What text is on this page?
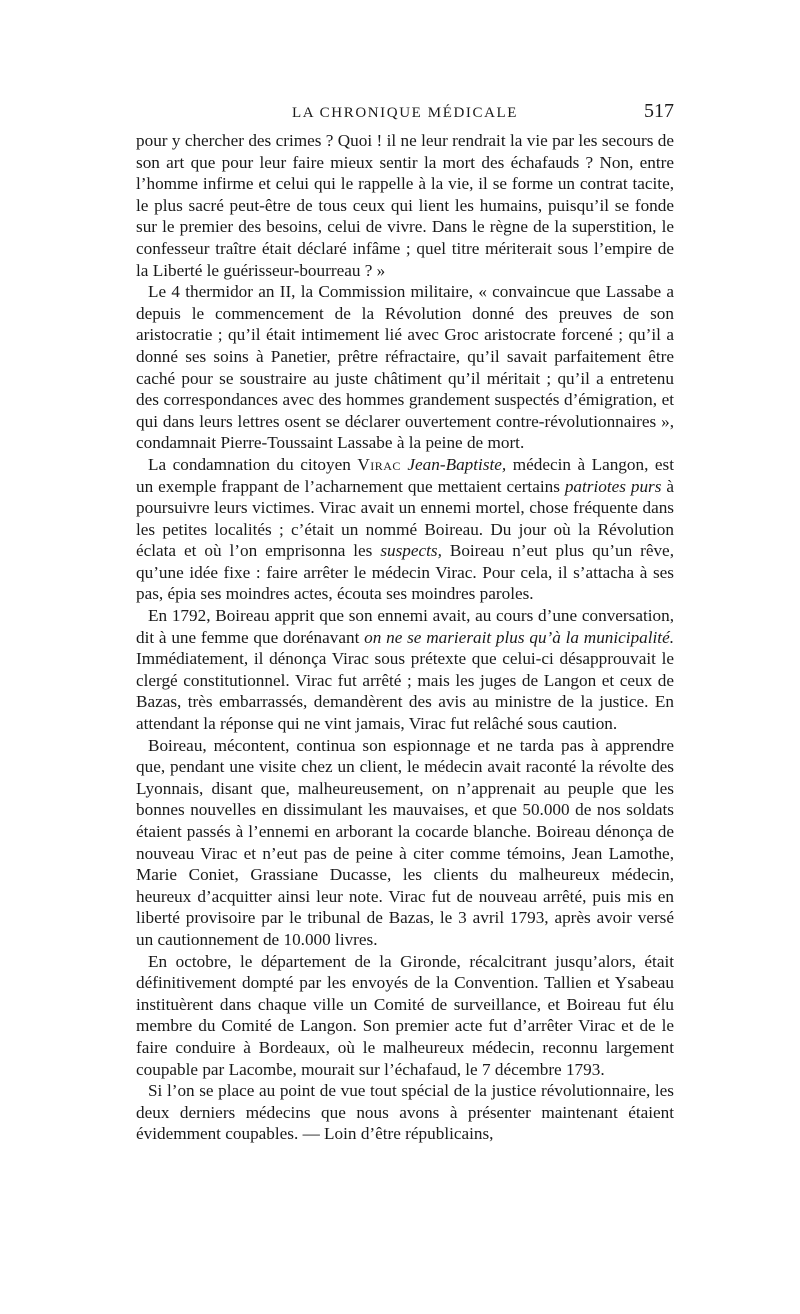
LA CHRONIQUE MÉDICALE	517

pour y chercher des crimes ? Quoi ! il ne leur rendrait la vie par les secours de son art que pour leur faire mieux sentir la mort des échafauds ? Non, entre l’homme infirme et celui qui le rappelle à la vie, il se forme un contrat tacite, le plus sacré peut-être de tous ceux qui lient les humains, puisqu’il se fonde sur le premier des besoins, celui de vivre. Dans le règne de la superstition, le confesseur traître était déclaré infâme ; quel titre mériterait sous l’empire de la Liberté le guérisseur-bourreau ? »

Le 4 thermidor an II, la Commission militaire, « convaincue que Lassabe a depuis le commencement de la Révolution donné des preuves de son aristocratie ; qu’il était intimement lié avec Groc aristocrate forcené ; qu’il a donné ses soins à Panetier, prêtre réfractaire, qu’il savait parfaitement être caché pour se soustraire au juste châtiment qu’il méritait ; qu’il a entretenu des correspondances avec des hommes grandement suspectés d’émigration, et qui dans leurs lettres osent se déclarer ouvertement contre-révolutionnaires », condamnait Pierre-Toussaint Lassabe à la peine de mort.

La condamnation du citoyen Virac Jean-Baptiste, médecin à Langon, est un exemple frappant de l’acharnement que mettaient certains patriotes purs à poursuivre leurs victimes. Virac avait un ennemi mortel, chose fréquente dans les petites localités ; c’était un nommé Boireau. Du jour où la Révolution éclata et où l’on emprisonna les suspects, Boireau n’eut plus qu’un rêve, qu’une idée fixe : faire arrêter le médecin Virac. Pour cela, il s’attacha à ses pas, épia ses moindres actes, écouta ses moindres paroles.

En 1792, Boireau apprit que son ennemi avait, au cours d’une conversation, dit à une femme que dorénavant on ne se marierait plus qu’à la municipalité. Immédiatement, il dénonça Virac sous prétexte que celui-ci désapprouvait le clergé constitutionnel. Virac fut arrêté ; mais les juges de Langon et ceux de Bazas, très embarrassés, demandèrent des avis au ministre de la justice. En attendant la réponse qui ne vint jamais, Virac fut relâché sous caution.

Boireau, mécontent, continua son espionnage et ne tarda pas à apprendre que, pendant une visite chez un client, le médecin avait raconté la révolte des Lyonnais, disant que, malheureusement, on n’apprenait au peuple que les bonnes nouvelles en dissimulant les mauvaises, et que 50.000 de nos soldats étaient passés à l’ennemi en arborant la cocarde blanche. Boireau dénonça de nouveau Virac et n’eut pas de peine à citer comme témoins, Jean Lamothe, Marie Coniet, Grassiane Ducasse, les clients du malheureux médecin, heureux d’acquitter ainsi leur note. Virac fut de nouveau arrêté, puis mis en liberté provisoire par le tribunal de Bazas, le 3 avril 1793, après avoir versé un cautionnement de 10.000 livres.

En octobre, le département de la Gironde, récalcitrant jusqu’alors, était définitivement dompté par les envoyés de la Convention. Tallien et Ysabeau instituèrent dans chaque ville un Comité de surveillance, et Boireau fut élu membre du Comité de Langon. Son premier acte fut d’arrêter Virac et de le faire conduire à Bordeaux, où le malheureux médecin, reconnu largement coupable par Lacombe, mourait sur l’échafaud, le 7 décembre 1793.

Si l’on se place au point de vue tout spécial de la justice révolutionnaire, les deux derniers médecins que nous avons à présenter maintenant étaient évidemment coupables. — Loin d’être républicains,
